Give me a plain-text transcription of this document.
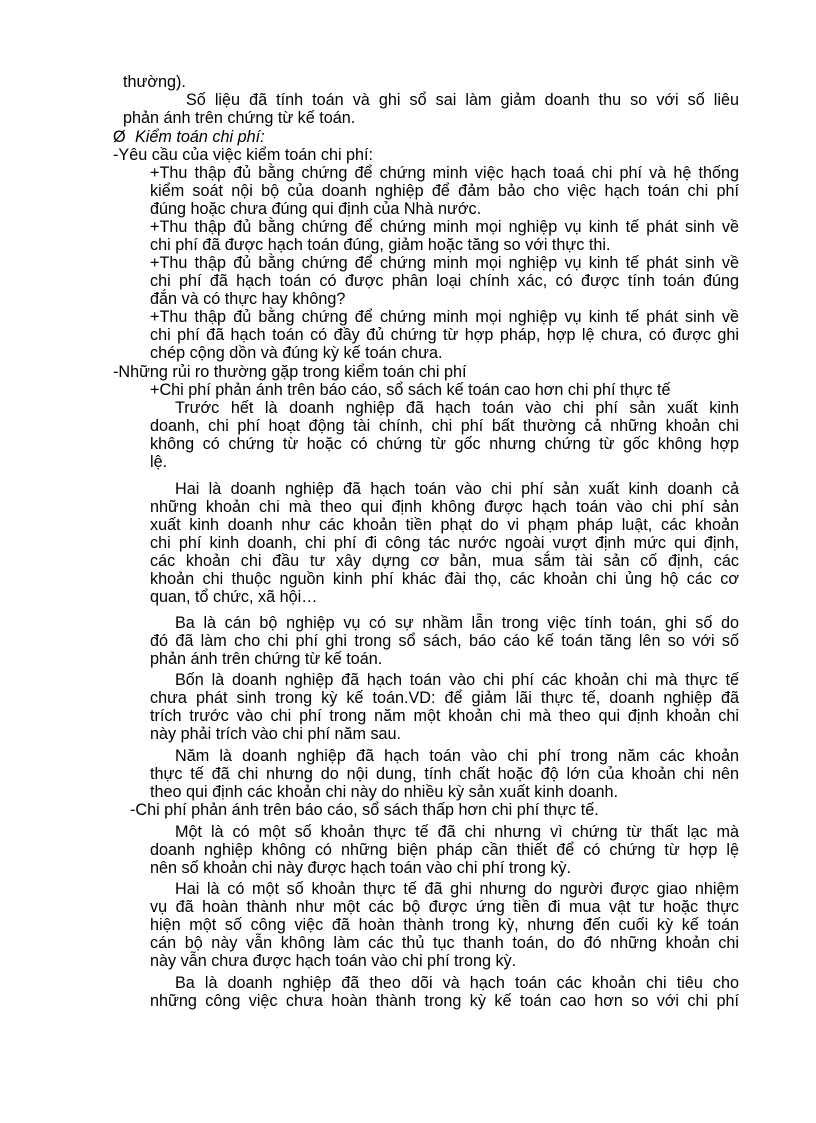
thường).

Số liệu đã tính toán và ghi sổ sai làm giảm doanh thu so với số liêu

phản ánh trên chứng từ kế toán.

Ø Kiểm toán chi phí:

-Yêu cầu của việc kiểm toán chi phí:

+Thu thập đủ bằng chứng để chứng minh việc hạch toaá chi phí và hệ thống

kiểm soát nội bộ của doanh nghiệp để đảm bảo cho việc hạch toán chi phí

đúng hoặc chưa đúng qui định của Nhà nước.

+Thu thập đủ bằng chứng để chứng minh mọi nghiệp vụ kinh tế phát sinh về

chi phí đã được hạch toán đúng, giảm hoặc tăng so với thực thi.

+Thu thập đủ bằng chứng để chứng minh mọi nghiệp vụ kinh tế phát sinh về

chi phí đã hạch toán có được phân loại chính xác, có được tính toán đúng

đắn và có thực hay không?

+Thu thập đủ bằng chứng để chứng minh mọi nghiệp vụ kinh tế phát sinh về

chi phí đã hạch toán có đầy đủ chứng từ hợp pháp, hợp lệ chưa, có được ghi

chép cộng dồn và đúng kỳ kế toán chưa.

-Những rủi ro thường gặp trong kiểm toán chi phí

+Chi phí phản ánh trên báo cáo, sổ sách kế toán cao hơn chi phí thực tế

Trước hết là doanh nghiệp đã hạch toán vào chi phí sản xuất kinh

doanh, chi phí hoạt động tài chính, chi phí bất thường cả những khoản chi

không có chứng từ hoặc có chứng từ gốc nhưng chứng từ gốc không hợp

lệ.

Hai là doanh nghiệp đã hạch toán vào chi phí sản xuất kinh doanh cả

những khoản chi mà theo qui định không được hạch toán vào chi phí sản

xuất kinh doanh như các khoản tiền phạt do vi phạm pháp luật, các khoản

chi phí kinh doanh, chi phí đi công tác nước ngoài vượt định mức qui định,

các khoản chi đầu tư xây dựng cơ bản, mua sắm tài sản cố định, các

khoản chi thuộc nguồn kinh phí khác đài thọ, các khoản chi ủng hộ các cơ

quan, tổ chức, xã hội…

Ba là cán bộ nghiệp vụ có sự nhầm lẫn trong việc tính toán, ghi số do

đó đã làm cho chi phí ghi trong sổ sách, báo cáo kế toán tăng lên so với số

phản ánh trên chứng từ kế toán.

Bốn là doanh nghiệp đã hạch toán vào chi phí các khoản chi mà thực tế

chưa phát sinh trong kỳ kế toán.VD: để giảm lãi thực tế, doanh nghiệp đã

trích trước vào chi phí trong năm một khoản chi mà theo qui định khoản chi

này phải trích vào chi phí năm sau.

Năm là doanh nghiệp đã hạch toán vào chi phí trong năm các khoản

thực tế đã chi nhưng do nội dung, tính chất hoặc độ lớn của khoản chi nên

theo qui định các khoản chi này do nhiều kỳ sản xuất kinh doanh.

-Chi phí phản ánh trên báo cáo, sổ sách thấp hơn chi phí thực tế.

Một là có một số khoản thực tế đã chi nhưng vì chứng từ thất lạc mà

doanh nghiệp không có những biện pháp cần thiết để có chứng từ hợp lệ

nên số khoản chi này được hạch toán vào chi phí trong kỳ.

Hai là có một số khoản thực tế đã ghi nhưng do người được giao nhiệm

vụ đã hoàn thành như một các bộ được ứng tiền đi mua vật tư hoặc thực

hiện một số công việc đã hoàn thành trong kỳ, nhưng đến cuối kỳ kế toán

cán bộ này vẫn không làm các thủ tục thanh toán, do đó những khoản chi

này vẫn chưa được hạch toán vào chi phí trong kỳ.

Ba là doanh nghiệp đã theo dõi và hạch toán các khoản chi tiêu cho

những công việc chưa hoàn thành trong kỳ kế toán cao hơn so với chi phí
